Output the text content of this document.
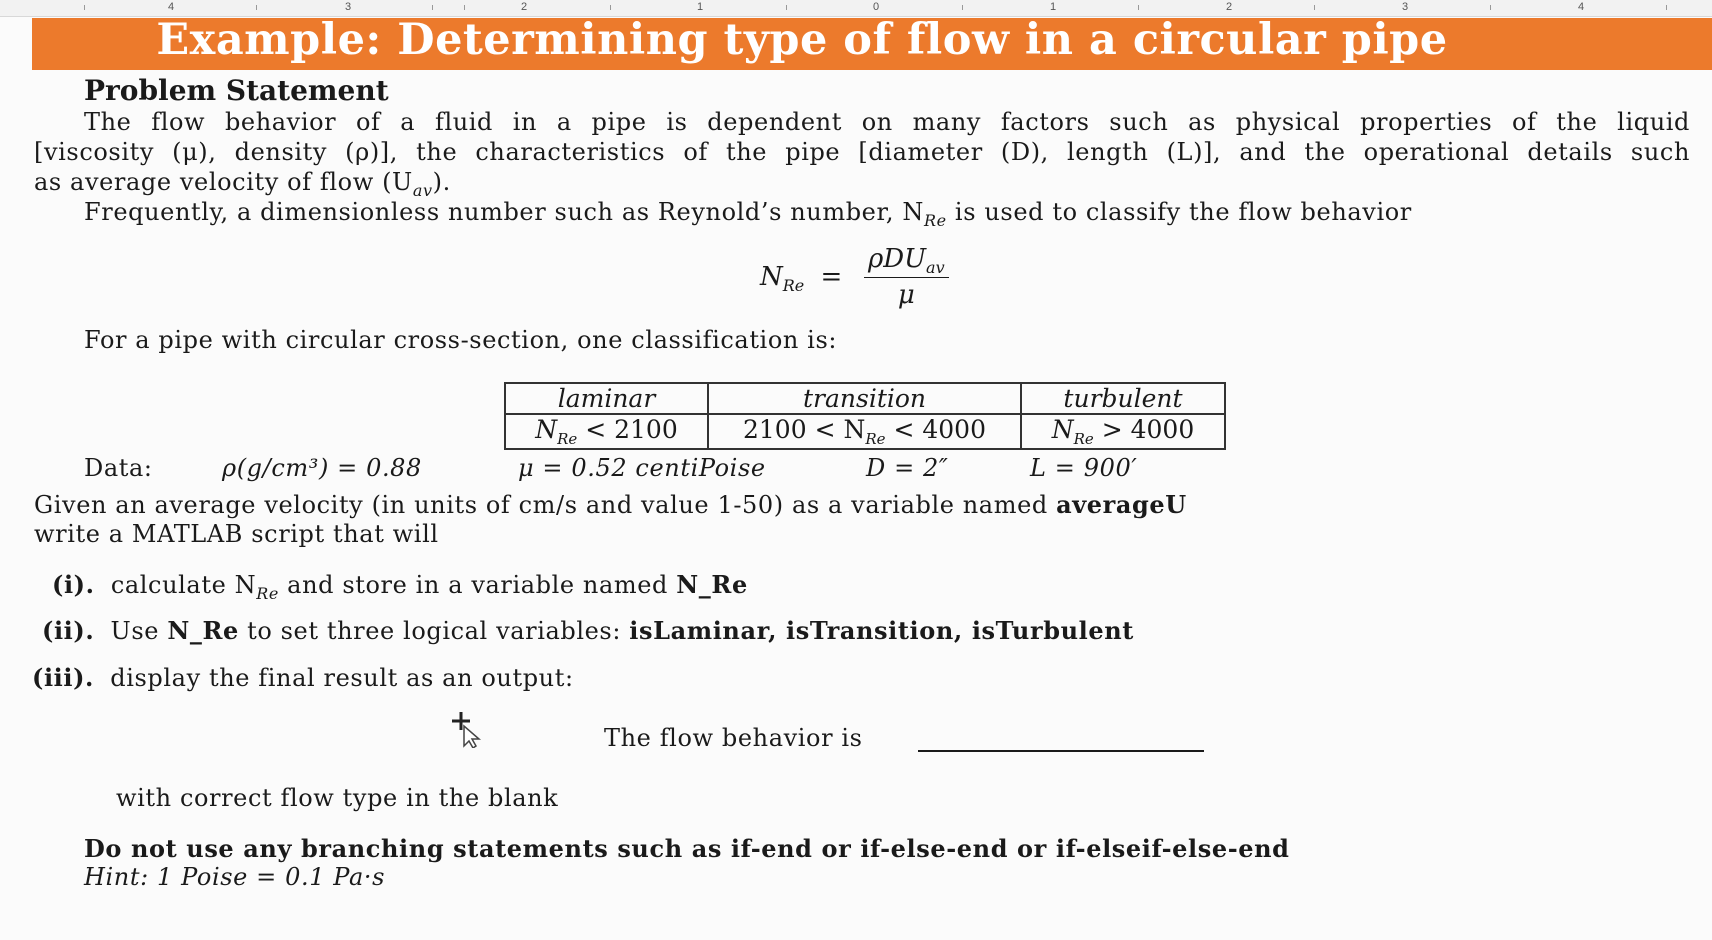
4	3	2	1	0	1	2	3	4
Example: Determining type of flow in a circular pipe
Problem Statement
The flow behavior of a fluid in a pipe is dependent on many factors such as physical properties of the liquid
[viscosity (μ), density (ρ)], the characteristics of the pipe [diameter (D), length (L)], and the operational details such
as average velocity of flow $(U_{av})$.
Frequently, a dimensionless number such as Reynold’s number, $N_{Re}$ is used to classify the flow behavior
$N_{Re}$ =
ρDU$_{av}$
μ
For a pipe with circular cross-section, one classification is:
laminar	transition	turbulent
$N_{Re} < 2100$	$2100 < N_{Re} < 4000$	$N_{Re} > 4000$
Data:	ρ(g/cm³) = 0.88	μ = 0.52 centiPoise	D = 2″	L = 900′
Given an average velocity (in units of cm/s and value 1-50) as a variable named averageU
write a MATLAB script that will
(i). calculate $N_{Re}$ and store in a variable named N_Re
(ii). Use N_Re to set three logical variables: isLaminar, isTransition, isTurbulent
(iii). display the final result as an output:
The flow behavior is
with correct flow type in the blank
Do not use any branching statements such as if-end or if-else-end or if-elseif-else-end
Hint: 1 Poise = 0.1 Pa·s
